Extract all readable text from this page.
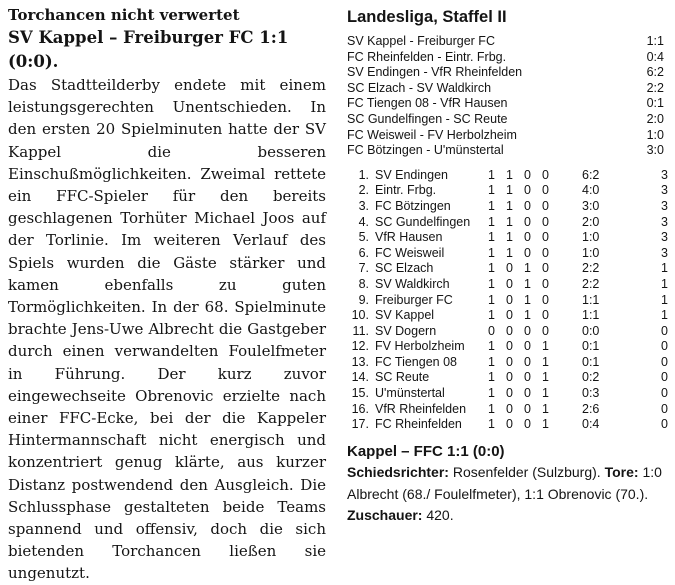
Torchancen nicht verwertet
SV Kappel – Freiburger FC 1:1 (0:0).

Das Stadtteilderby endete mit einem leistungsgerechten Unentschieden. In den ersten 20 Spielminuten hatte der SV Kappel die besseren Einschußmöglichkeiten. Zweimal rettete ein FFC-Spieler für den bereits geschlagenen Torhüter Michael Joos auf der Torlinie. Im weiteren Verlauf des Spiels wurden die Gäste stärker und kamen ebenfalls zu guten Tormöglichkeiten. In der 68. Spielminute brachte Jens-Uwe Albrecht die Gastgeber durch einen verwandelten Foulelfmeter in Führung. Der kurz zuvor eingewechseite Obrenovic erzielte nach einer FFC-Ecke, bei der die Kappeler Hintermannschaft nicht energisch und konzentriert genug klärte, aus kurzer Distanz postwendend den Ausgleich. Die Schlussphase gestalteten beide Teams spannend und offensiv, doch die sich bietenden Torchancen ließen sie ungenutzt.

Landesliga, Staffel II
SV Kappel - Freiburger FC	1:1
FC Rheinfelden - Eintr. Frbg.	0:4
SV Endingen - VfR Rheinfelden	6:2
SC Elzach - SV Waldkirch	2:2
FC Tiengen 08 - VfR Hausen	0:1
SC Gundelfingen - SC Reute	2:0
FC Weisweil - FV Herbolzheim	1:0
FC Bötzingen - U'münstertal	3:0
1. SV Endingen	1 1 0 0	6:2	3
2. Eintr. Frbg.	1 1 0 0	4:0	3
3. FC Bötzingen	1 1 0 0	3:0	3
4. SC Gundelfingen	1 1 0 0	2:0	3
5. VfR Hausen	1 1 0 0	1:0	3
6. FC Weisweil	1 1 0 0	1:0	3
7. SC Elzach	1 0 1 0	2:2	1
8. SV Waldkirch	1 0 1 0	2:2	1
9. Freiburger FC	1 0 1 0	1:1	1
10. SV Kappel	1 0 1 0	1:1	1
11. SV Dogern	0 0 0 0	0:0	0
12. FV Herbolzheim	1 0 0 1	0:1	0
13. FC Tiengen 08	1 0 0 1	0:1	0
14. SC Reute	1 0 0 1	0:2	0
15. U'münstertal	1 0 0 1	0:3	0
16. VfR Rheinfelden	1 0 0 1	2:6	0
17. FC Rheinfelden	1 0 0 1	0:4	0
Kappel – FFC 1:1 (0:0)
Schiedsrichter: Rosenfelder (Sulzburg). Tore: 1:0 Albrecht (68./ Foulelfmeter), 1:1 Obrenovic (70.). Zuschauer: 420.
